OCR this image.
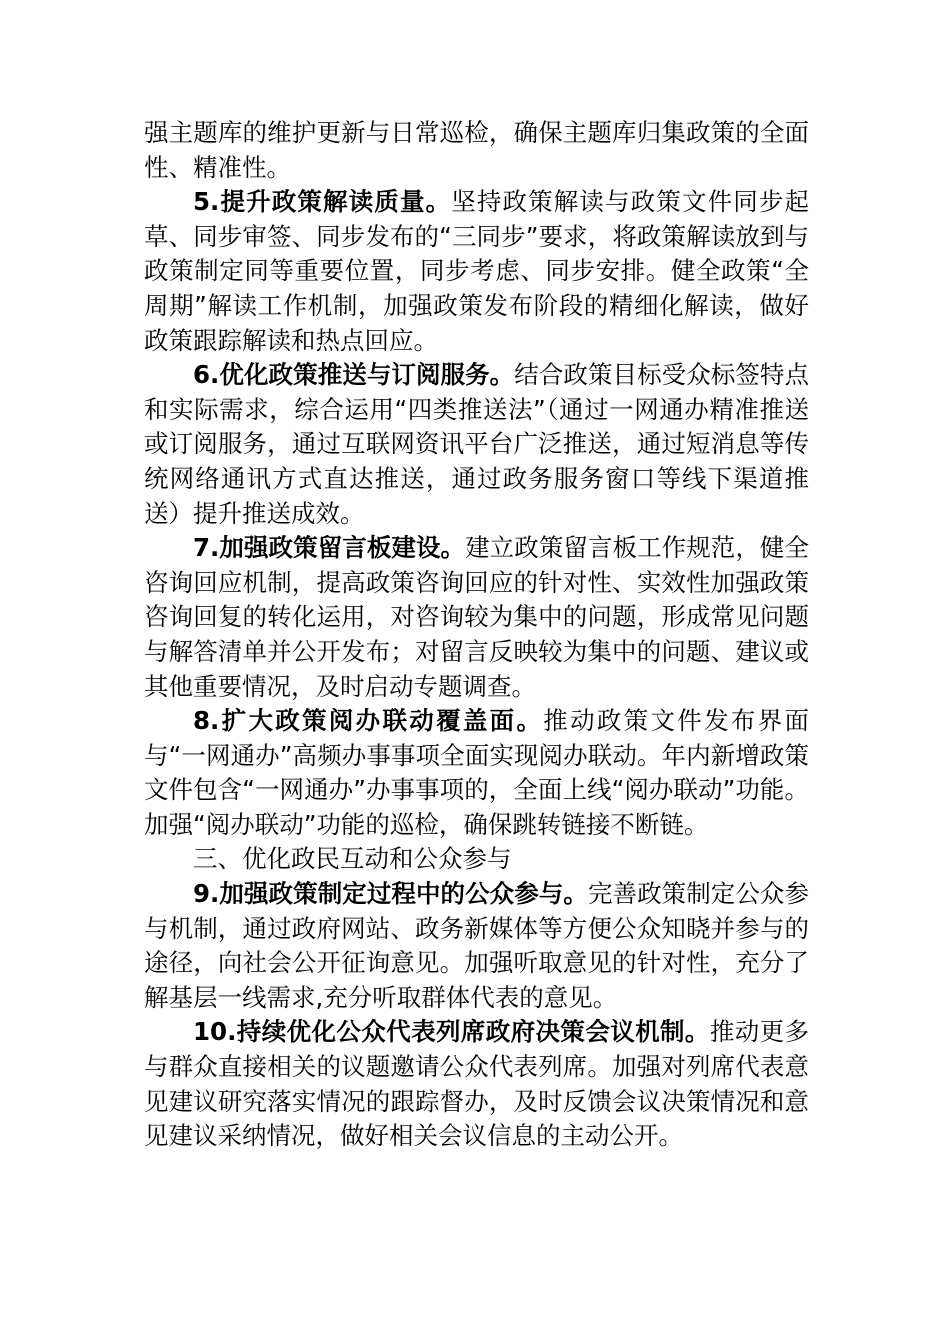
强主题库的维护更新与日常巡检，确保主题库归集政策的全面性、精准性。

5.提升政策解读质量。坚持政策解读与政策文件同步起草、同步审签、同步发布的“三同步”要求，将政策解读放到与政策制定同等重要位置，同步考虑、同步安排。健全政策“全周期”解读工作机制，加强政策发布阶段的精细化解读，做好政策跟踪解读和热点回应。

6.优化政策推送与订阅服务。结合政策目标受众标签特点和实际需求，综合运用“四类推送法”（通过一网通办精准推送或订阅服务，通过互联网资讯平台广泛推送，通过短消息等传统网络通讯方式直达推送，通过政务服务窗口等线下渠道推送）提升推送成效。

7.加强政策留言板建设。建立政策留言板工作规范，健全咨询回应机制，提高政策咨询回应的针对性、实效性加强政策咨询回复的转化运用，对咨询较为集中的问题，形成常见问题与解答清单并公开发布；对留言反映较为集中的问题、建议或其他重要情况，及时启动专题调查。

8.扩大政策阅办联动覆盖面。推动政策文件发布界面与“一网通办”高频办事事项全面实现阅办联动。年内新增政策文件包含“一网通办”办事事项的，全面上线“阅办联动”功能。加强“阅办联动”功能的巡检，确保跳转链接不断链。

三、优化政民互动和公众参与

9.加强政策制定过程中的公众参与。完善政策制定公众参与机制，通过政府网站、政务新媒体等方便公众知晓并参与的途径，向社会公开征询意见。加强听取意见的针对性，充分了解基层一线需求,充分听取群体代表的意见。

10.持续优化公众代表列席政府决策会议机制。推动更多与群众直接相关的议题邀请公众代表列席。加强对列席代表意见建议研究落实情况的跟踪督办，及时反馈会议决策情况和意见建议采纳情况，做好相关会议信息的主动公开。
